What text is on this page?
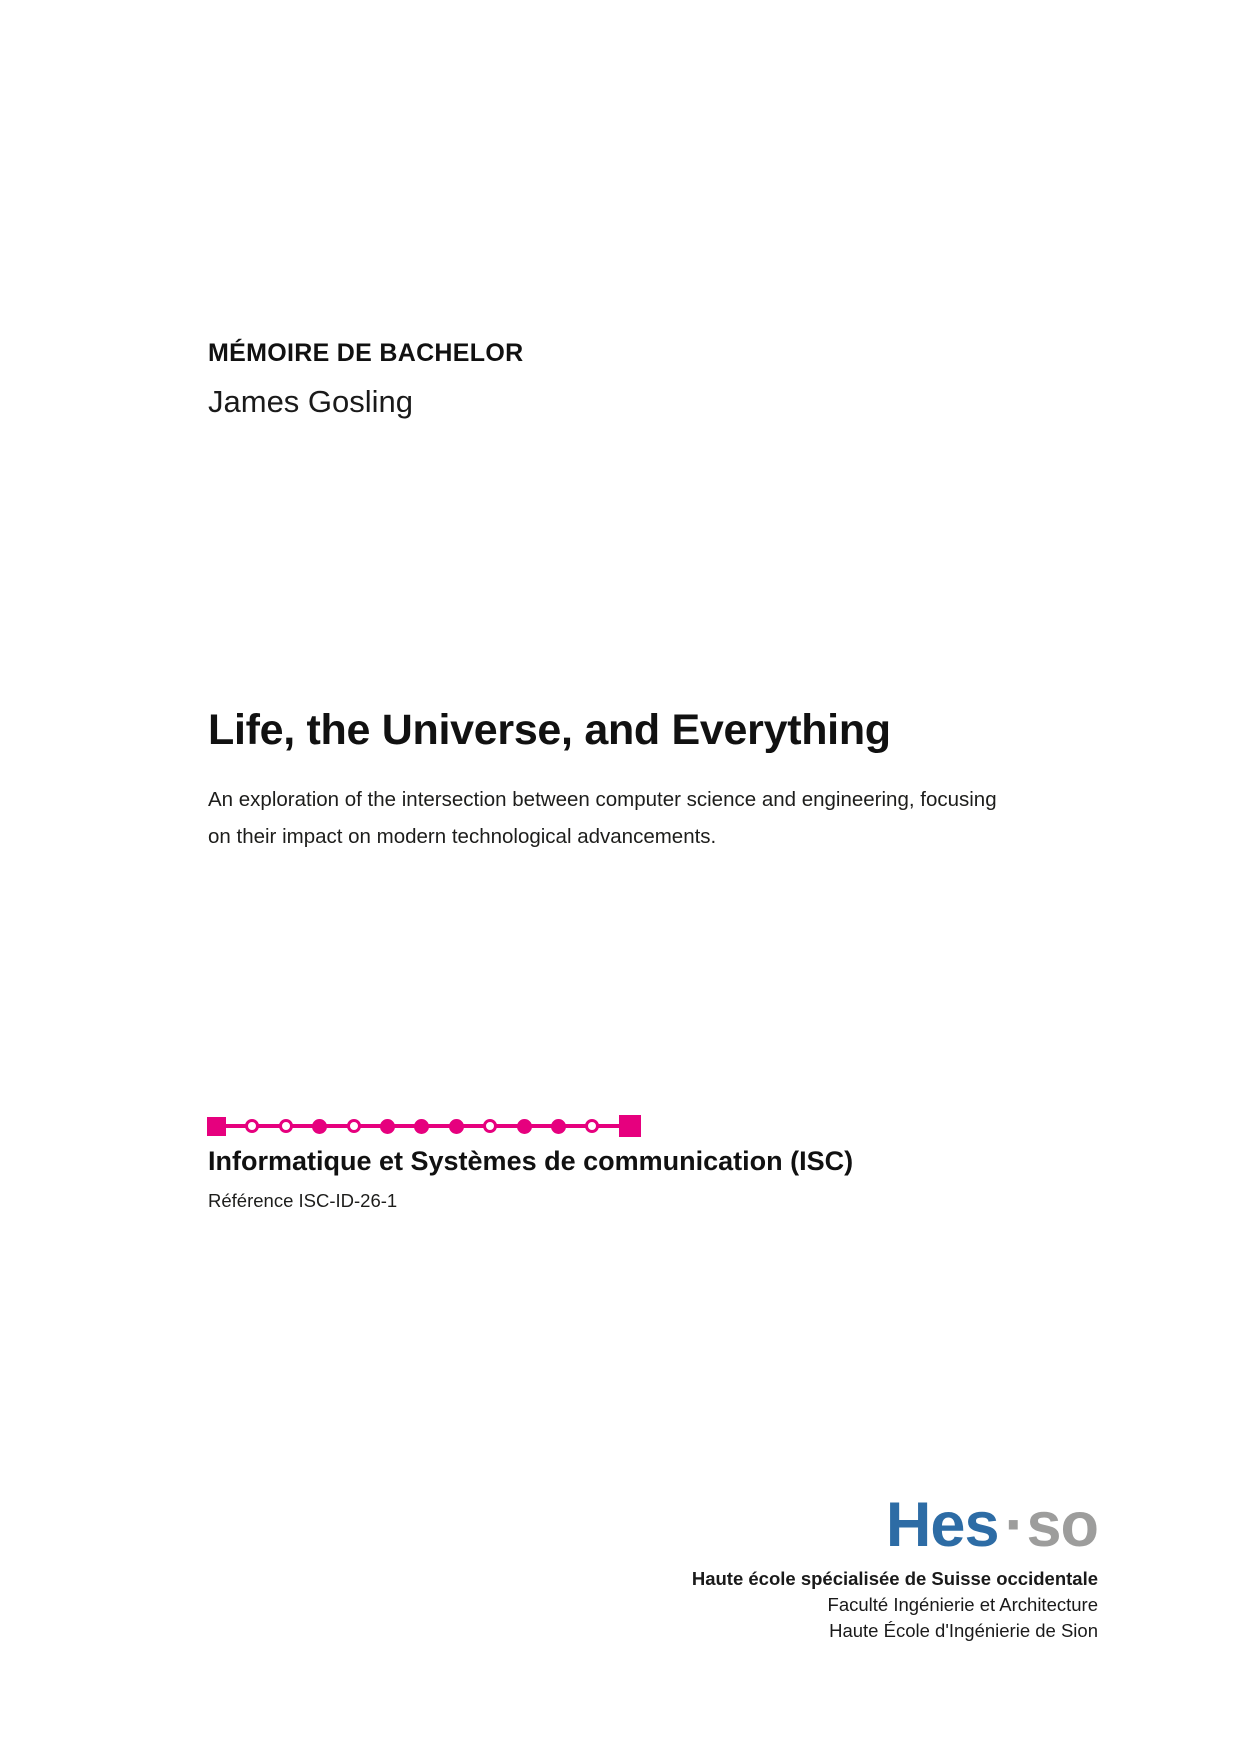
MÉMOIRE DE BACHELOR
James Gosling
Life, the Universe, and Everything

An exploration of the intersection between computer science and engineering, focusing on their impact on modern technological advancements.

Informatique et Systèmes de communication (ISC)
Référence ISC-ID-26-1
Hes·so
Haute école spécialisée de Suisse occidentale
Faculté Ingénierie et Architecture
Haute École d'Ingénierie de Sion
